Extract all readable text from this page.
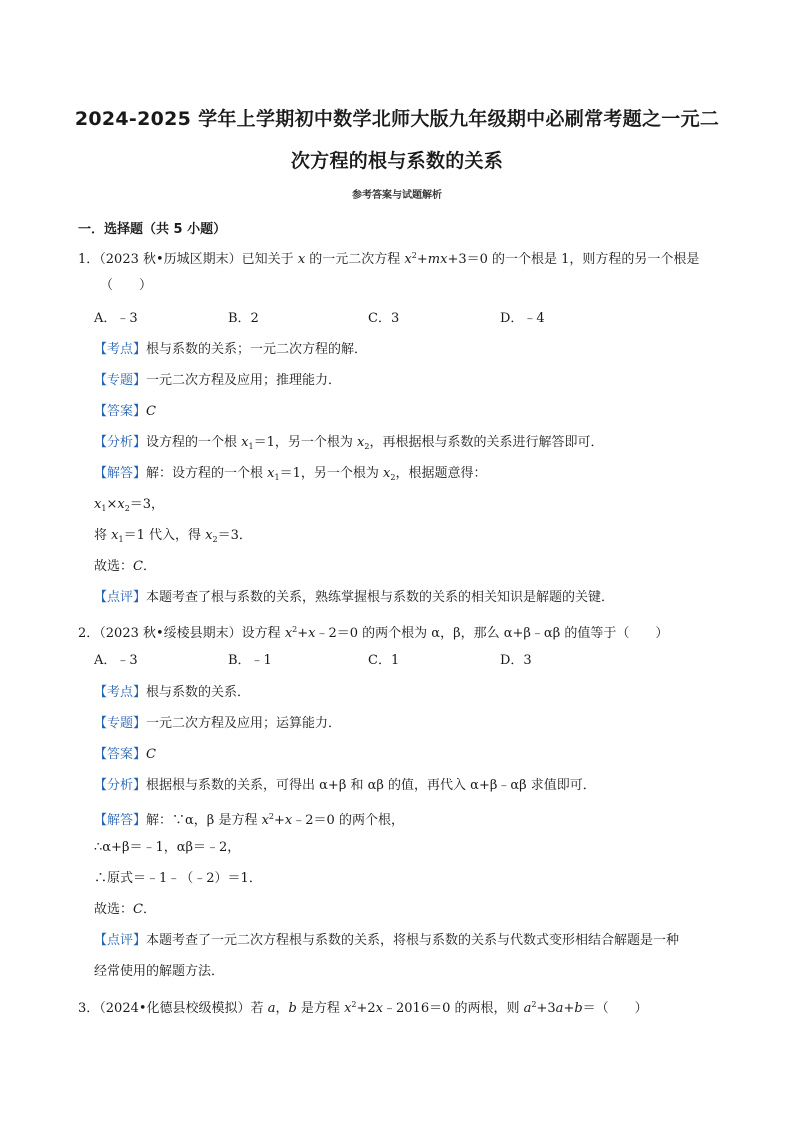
2024-2025 学年上学期初中数学北师大版九年级期中必刷常考题之一元二
次方程的根与系数的关系
参考答案与试题解析
一．选择题（共 5 小题）
1．（2023 秋•历城区期末）已知关于 x 的一元二次方程 $x^2+mx+3=0$ 的一个根是 1，则方程的另一个根是
（　　）
A．﹣3	B．2	C．3	D．﹣4
【考点】根与系数的关系；一元二次方程的解．
【专题】一元二次方程及应用；推理能力．
【答案】C
【分析】设方程的一个根 $x_1=1$，另一个根为 $x_2$，再根据根与系数的关系进行解答即可．
【解答】解：设方程的一个根 $x_1=1$，另一个根为 $x_2$，根据题意得：
$x_1\times x_2=3$，
将 $x_1=1$ 代入，得 $x_2=3$．
故选：C．
【点评】本题考查了根与系数的关系，熟练掌握根与系数的关系的相关知识是解题的关键．
2．（2023 秋•绥棱县期末）设方程 $x^2+x﹣2=0$ 的两个根为 α，β，那么 α+β﹣αβ 的值等于（　　）
A．﹣3	B．﹣1	C．1	D．3
【考点】根与系数的关系．
【专题】一元二次方程及应用；运算能力．
【答案】C
【分析】根据根与系数的关系，可得出 α+β 和 αβ 的值，再代入 α+β﹣αβ 求值即可．
【解答】解：∵α，β 是方程 $x^2+x﹣2=0$ 的两个根，
∴α+β＝﹣1，αβ＝﹣2，
∴原式＝﹣1﹣（﹣2）＝1．
故选：C．
【点评】本题考查了一元二次方程根与系数的关系，将根与系数的关系与代数式变形相结合解题是一种
经常使用的解题方法．
3．（2024•化德县校级模拟）若 a，b 是方程 $x^2+2x﹣2016=0$ 的两根，则 $a^2+3a+b=$（　　）
